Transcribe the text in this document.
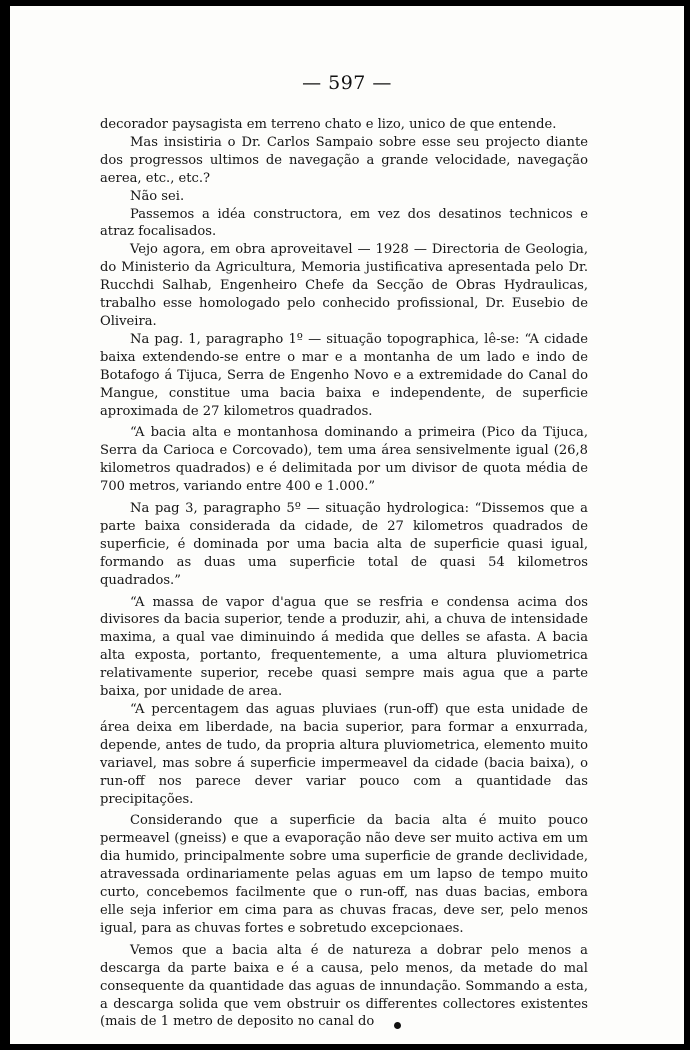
— 597 —

decorador paysagista em terreno chato e lizo, unico de que entende.

Mas insistiria o Dr. Carlos Sampaio sobre esse seu projecto diante dos progressos ultimos de navegação a grande velocidade, navegação aerea, etc., etc.?

Não sei.

Passemos a idéa constructora, em vez dos desatinos technicos e atraz focalisados.

Vejo agora, em obra aproveitavel — 1928 — Directoria de Geologia, do Ministerio da Agricultura, Memoria justificativa apresentada pelo Dr. Rucchdi Salhab, Engenheiro Chefe da Secção de Obras Hydraulicas, trabalho esse homologado pelo conhecido profissional, Dr. Eusebio de Oliveira.

Na pag. 1, paragrapho 1º — situação topographica, lê-se: “A cidade baixa extendendo-se entre o mar e a montanha de um lado e indo de Botafogo á Tijuca, Serra de Engenho Novo e a extremidade do Canal do Mangue, constitue uma bacia baixa e independente, de superficie aproximada de 27 kilometros quadrados.

“A bacia alta e montanhosa dominando a primeira (Pico da Tijuca, Serra da Carioca e Corcovado), tem uma área sensivelmente igual (26,8 kilometros quadrados) e é delimitada por um divisor de quota média de 700 metros, variando entre 400 e 1.000.”

Na pag 3, paragrapho 5º — situação hydrologica: “Dissemos que a parte baixa considerada da cidade, de 27 kilometros quadrados de superficie, é dominada por uma bacia alta de superficie quasi igual, formando as duas uma superficie total de quasi 54 kilometros quadrados.”

“A massa de vapor d'agua que se resfria e condensa acima dos divisores da bacia superior, tende a produzir, ahi, a chuva de intensidade maxima, a qual vae diminuindo á medida que delles se afasta. A bacia alta exposta, portanto, frequentemente, a uma altura pluviometrica relativamente superior, recebe quasi sempre mais agua que a parte baixa, por unidade de area.

“A percentagem das aguas pluviaes (run-off) que esta unidade de área deixa em liberdade, na bacia superior, para formar a enxurrada, depende, antes de tudo, da propria altura pluviometrica, elemento muito variavel, mas sobre á superficie impermeavel da cidade (bacia baixa), o run-off nos parece dever variar pouco com a quantidade das precipitações.

Considerando que a superficie da bacia alta é muito pouco permeavel (gneiss) e que a evaporação não deve ser muito activa em um dia humido, principalmente sobre uma superficie de grande declividade, atravessada ordinariamente pelas aguas em um lapso de tempo muito curto, concebemos facilmente que o run-off, nas duas bacias, embora elle seja inferior em cima para as chuvas fracas, deve ser, pelo menos igual, para as chuvas fortes e sobretudo excepcionaes.

Vemos que a bacia alta é de natureza a dobrar pelo menos a descarga da parte baixa e é a causa, pelo menos, da metade do mal consequente da quantidade das aguas de innundação. Sommando a esta, a descarga solida que vem obstruir os differentes collectores existentes (mais de 1 metro de deposito no canal do
